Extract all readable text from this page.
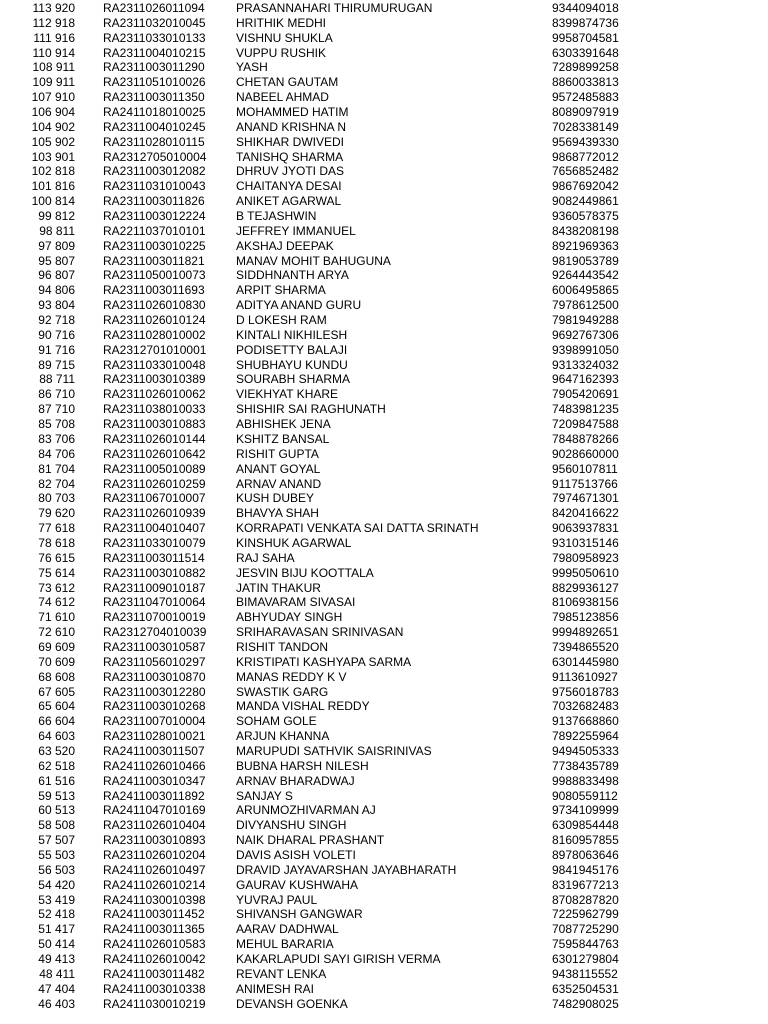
113 920		RA2311026011094	PRASANNAHARI THIRUMURUGAN	9344094018
112 918		RA2311032010045	HRITHIK MEDHI	8399874736
111 916		RA2311033010133	VISHNU SHUKLA	9958704581
110 914		RA2311004010215	VUPPU RUSHIK	6303391648
108 911		RA2311003011290	YASH	7289899258
109 911		RA2311051010026	CHETAN GAUTAM	8860033813
107 910		RA2311003011350	NABEEL AHMAD	9572485883
106 904		RA2411018010025	MOHAMMED HATIM	8089097919
104 902		RA2311004010245	ANAND KRISHNA N	7028338149
105 902		RA2311028010115	SHIKHAR DWIVEDI	9569439330
103 901		RA2312705010004	TANISHQ SHARMA	9868772012
102 818		RA2311003012082	DHRUV JYOTI DAS	7656852482
101 816		RA2311031010043	CHAITANYA DESAI	9867692042
100 814		RA2311003011826	ANIKET AGARWAL	9082449861
99 812		RA2311003012224	B TEJASHWIN	9360578375
98 811		RA2211037010101	JEFFREY IMMANUEL	8438208198
97 809		RA2311003010225	AKSHAJ DEEPAK	8921969363
95 807		RA2311003011821	MANAV MOHIT BAHUGUNA	9819053789
96 807		RA2311050010073	SIDDHNANTH ARYA	9264443542
94 806		RA2311003011693	ARPIT SHARMA	6006495865
93 804		RA2311026010830	ADITYA ANAND GURU	7978612500
92 718		RA2311026010124	D LOKESH RAM	7981949288
90 716		RA2311028010002	KINTALI NIKHILESH	9692767306
91 716		RA2312701010001	PODISETTY BALAJI	9398991050
89 715		RA2311033010048	SHUBHAYU KUNDU	9313324032
88 711		RA2311003010389	SOURABH SHARMA	9647162393
86 710		RA2311026010062	VIEKHYAT KHARE	7905420691
87 710		RA2311038010033	SHISHIR SAI RAGHUNATH	7483981235
85 708		RA2311003010883	ABHISHEK JENA	7209847588
83 706		RA2311026010144	KSHITZ BANSAL	7848878266
84 706		RA2311026010642	RISHIT GUPTA	9028660000
81 704		RA2311005010089	ANANT GOYAL	9560107811
82 704		RA2311026010259	ARNAV ANAND	9117513766
80 703		RA2311067010007	KUSH DUBEY	7974671301
79 620		RA2311026010939	BHAVYA SHAH	8420416622
77 618		RA2311004010407	KORRAPATI VENKATA SAI DATTA SRINATH	9063937831
78 618		RA2311033010079	KINSHUK AGARWAL	9310315146
76 615		RA2311003011514	RAJ SAHA	7980958923
75 614		RA2311003010882	JESVIN BIJU KOOTTALA	9995050610
73 612		RA2311009010187	JATIN THAKUR	8829936127
74 612		RA2311047010064	BIMAVARAM SIVASAI	8106938156
71 610		RA2311070010019	ABHYUDAY SINGH	7985123856
72 610		RA2312704010039	SRIHARAVASAN SRINIVASAN	9994892651
69 609		RA2311003010587	RISHIT TANDON	7394865520
70 609		RA2311056010297	KRISTIPATI KASHYAPA SARMA	6301445980
68 608		RA2311003010870	MANAS REDDY K V	9113610927
67 605		RA2311003012280	SWASTIK GARG	9756018783
65 604		RA2311003010268	MANDA VISHAL REDDY	7032682483
66 604		RA2311007010004	SOHAM GOLE	9137668860
64 603		RA2311028010021	ARJUN KHANNA	7892255964
63 520		RA2411003011507	MARUPUDI SATHVIK SAISRINIVAS	9494505333
62 518		RA2411026010466	BUBNA HARSH NILESH	7738435789
61 516		RA2411003010347	ARNAV BHARADWAJ	9988833498
59 513		RA2411003011892	SANJAY S	9080559112
60 513		RA2411047010169	ARUNMOZHIVARMAN AJ	9734109999
58 508		RA2311026010404	DIVYANSHU SINGH	6309854448
57 507		RA2311003010893	NAIK DHARAL PRASHANT	8160957855
55 503		RA2311026010204	DAVIS ASISH VOLETI	8978063646
56 503		RA2411026010497	DRAVID JAYAVARSHAN JAYABHARATH	9841945176
54 420		RA2411026010214	GAURAV KUSHWAHA	8319677213
53 419		RA2411030010398	YUVRAJ PAUL	8708287820
52 418		RA2411003011452	SHIVANSH GANGWAR	7225962799
51 417		RA2411003011365	AARAV DADHWAL	7087725290
50 414		RA2411026010583	MEHUL BARARIA	7595844763
49 413		RA2411026010042	KAKARLAPUDI SAYI GIRISH VERMA	6301279804
48 411		RA2411003011482	REVANT LENKA	9438115552
47 404		RA2411003010338	ANIMESH RAI	6352504531
46 403		RA2411030010219	DEVANSH GOENKA	7482908025
